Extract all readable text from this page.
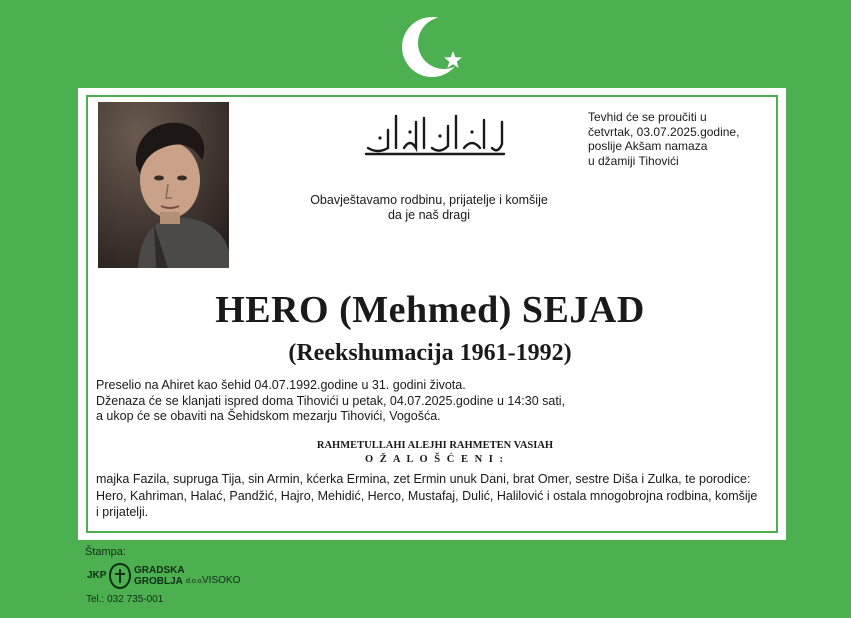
Tevhid će se proučiti u
četvrtak, 03.07.2025.godine,
poslije Akšam namaza
u džamiji Tihovići
Obavještavamo rodbinu, prijatelje i komšije
da je naš dragi
HERO (Mehmed) SEJAD
(Reekshumacija 1961-1992)
Preselio na Ahiret kao šehid 04.07.1992.godine u 31. godini života.
Dženaza će se klanjati ispred doma Tihovići u petak, 04.07.2025.godine u 14:30 sati,
a ukop će se obaviti na Šehidskom mezarju Tihovići, Vogošća.
RAHMETULLAHI ALEJHI RAHMETEN VASIAH
O Ž A L O Š Ć E N I :
majka Fazila, supruga Tija, sin Armin, kćerka Ermina, zet Ermin unuk Dani, brat Omer, sestre Diša i Zulka, te porodice:
Hero, Kahriman, Halać, Pandžić, Hajro, Mehidić, Herco, Mustafaj, Dulić, Halilović i ostala mnogobrojna rodbina, komšije
i prijatelji.
Štampa:
JKP	GRADSKA
GROBLJA d.o.o.
VISOKO
Tel.: 032 735-001
